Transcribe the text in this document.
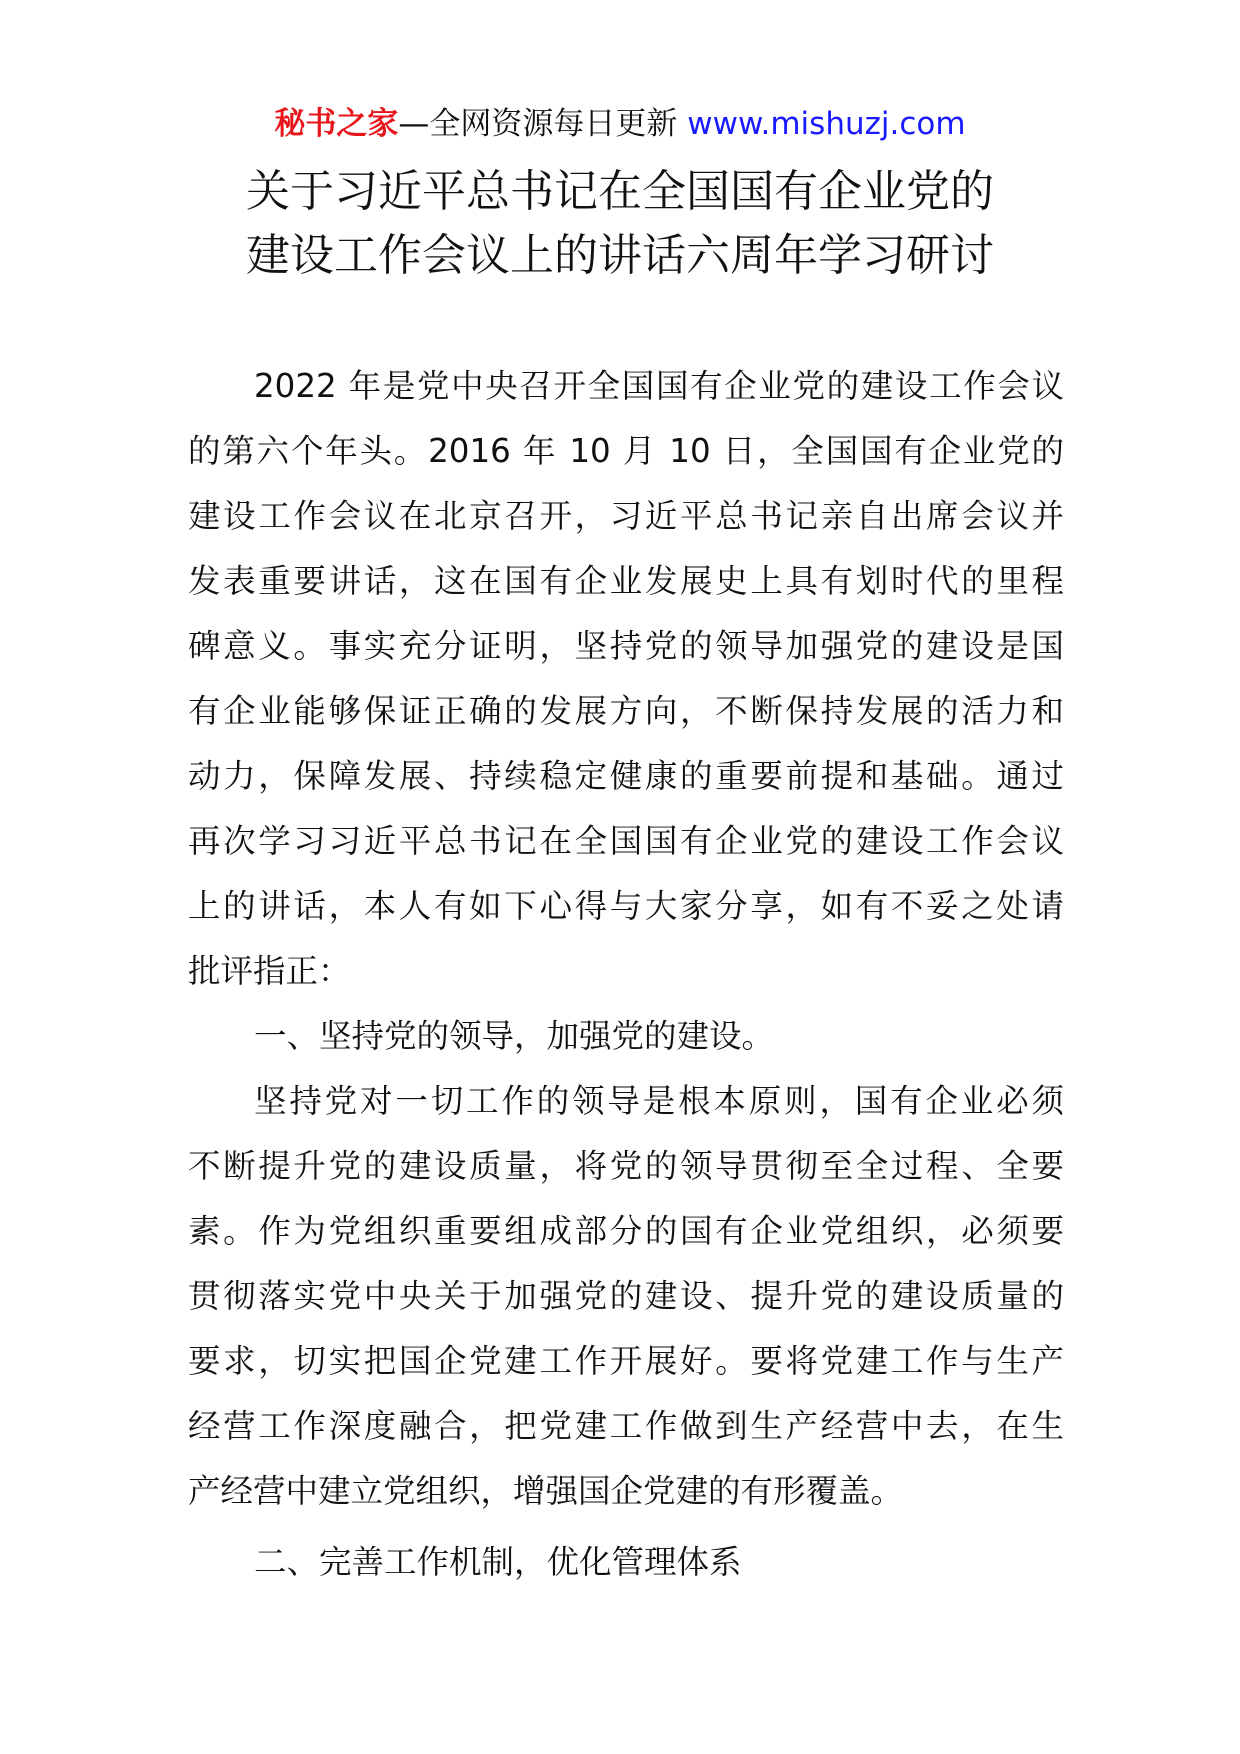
秘书之家—全网资源每日更新 www.mishuzj.com
关于习近平总书记在全国国有企业党的
建设工作会议上的讲话六周年学习研讨
2022 年是党中央召开全国国有企业党的建设工作会议
的第六个年头。2016 年 10 月 10 日，全国国有企业党的
建设工作会议在北京召开，习近平总书记亲自出席会议并
发表重要讲话，这在国有企业发展史上具有划时代的里程
碑意义。事实充分证明，坚持党的领导加强党的建设是国
有企业能够保证正确的发展方向，不断保持发展的活力和
动力，保障发展、持续稳定健康的重要前提和基础。通过
再次学习习近平总书记在全国国有企业党的建设工作会议
上的讲话，本人有如下心得与大家分享，如有不妥之处请
批评指正：
一、坚持党的领导，加强党的建设。
坚持党对一切工作的领导是根本原则，国有企业必须
不断提升党的建设质量，将党的领导贯彻至全过程、全要
素。作为党组织重要组成部分的国有企业党组织，必须要
贯彻落实党中央关于加强党的建设、提升党的建设质量的
要求，切实把国企党建工作开展好。要将党建工作与生产
经营工作深度融合，把党建工作做到生产经营中去，在生
产经营中建立党组织，增强国企党建的有形覆盖。
二、完善工作机制，优化管理体系
